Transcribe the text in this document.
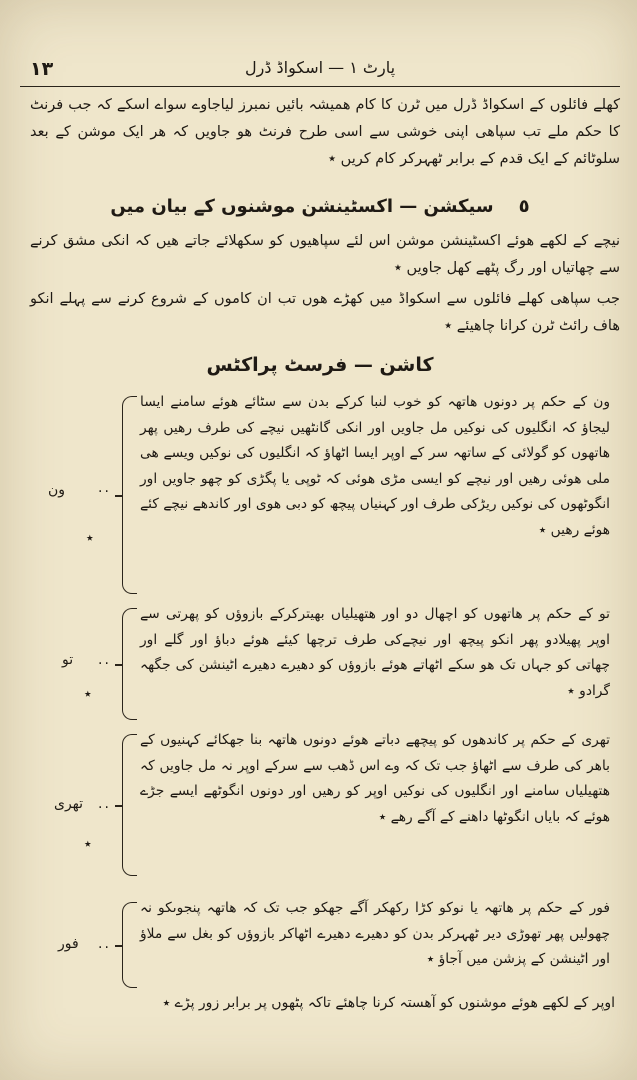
١٣	پارٹ ١ — اسکواڈ ڈرل

کھلے فائلوں کے اسکواڈ ڈرل میں ٹرن کا کام ھمیشہ بائیں نمبرز لیاجاوے سواے اسکے کہ جب فرنٹ کا حکم ملے تب سپاھی اپنی خوشی سے اسی طرح فرنٹ ھو جاویں کہ ھر ایک موشن کے بعد سلوٹائم کے ایک قدم کے برابر ٹھہرکر کام کریں ٭

٥    سیکشن — اکسٹینشن موشنوں کے بیان میں

نیچے کے لکھے ھوئے اکسٹینشن موشن اس لئے سپاھیوں کو سکھلائے جاتے ھیں کہ انکی مشق کرنے سے چھاتیاں اور رگ پٹھے کھل جاویں ٭

جب سپاھی کھلے فائلوں سے اسکواڈ میں کھڑے ھوں تب ان کاموں کے شروع کرنے سے پہلے انکو ھاف رائٹ ٹرن کرانا چاھیئے ٭

کاشن — فرسٹ پراکٹس

ون کے حکم پر دونوں ھاتھہ کو خوب لنبا کرکے بدن سے سٹائے ھوئے سامنے ایسا لیجاؤ کہ انگلیوں کی نوکیں مل جاویں اور انکی گانٹھیں نیچے کی طرف رھیں پھر ھاتھوں کو گولائی کے ساتھہ سر کے اوپر ایسا اٹھاؤ کہ انگلیوں کی نوکیں ویسے ھی ملی ھوئی رھیں اور نیچے کو ایسی مڑی ھوئی کہ ٹوپی یا پگڑی کو چھو جاویں اور انگوٹھوں کی نوکیں ریڑکی طرف اور کہنیاں پیچھ کو دبی ھوی اور کاندھے نیچے کئے ھوئے رھیں ٭

ون ..
٭

تو کے حکم پر ھاتھوں کو اچھال دو اور ھتھیلیاں بھیترکرکے بازوؤں کو پھرتی سے اوپر پھیلادو پھر انکو پیچھ اور نیچےکی طرف ترچھا کیئے ھوئے دباؤ اور گلے اور چھاتی کو جہاں تک ھو سکے اٹھاتے ھوئے بازوؤں کو دھیرے دھیرے اٹینشن کی جگھہ گرادو ٭

تو ..
٭

تھری کے حکم پر کاندھوں کو پیچھے دباتے ھوئے دونوں ھاتھہ بنا جھکائے کہنیوں کے باھر کی طرف سے اٹھاؤ جب تک کہ وے اس ڈھب سے سرکے اوپر نہ مل جاویں کہ ھتھیلیاں سامنے اور انگلیوں کی نوکیں اوپر کو رھیں اور دونوں انگوٹھے ایسے جڑے ھوئے کہ بایاں انگوٹھا داھنے کے آگے رھے ٭

تھری ..
٭

فور کے حکم پر ھاتھہ یا نوکو کڑا رکھکر آگے جھکو جب تک کہ ھاتھہ پنجوںکو نہ چھولیں پھر تھوڑی دیر ٹھہرکر بدن کو دھیرے دھیرے اٹھاکر بازوؤں کو بغل سے ملاؤ اور اٹینشن کے پزشن میں آجاؤ ٭

فور ..

اوپر کے لکھے ھوئے موشنوں کو آھستہ کرنا چاھئے تاکہ پٹھوں پر برابر زور پڑے ٭
